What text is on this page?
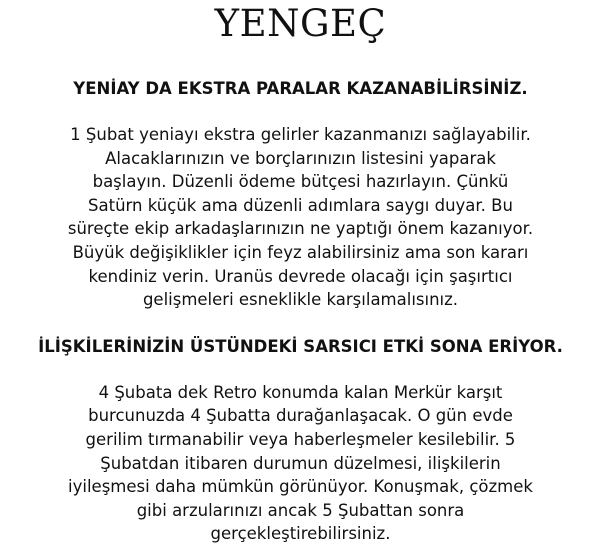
YENGEÇ
YENİAY DA EKSTRA PARALAR KAZANABİLİRSİNİZ.
1 Şubat yeniayı ekstra gelirler kazanmanızı sağlayabilir.
Alacaklarınızın ve borçlarınızın listesini yaparak
başlayın. Düzenli ödeme bütçesi hazırlayın. Çünkü
Satürn küçük ama düzenli adımlara saygı duyar. Bu
süreçte ekip arkadaşlarınızın ne yaptığı önem kazanıyor.
Büyük değişiklikler için feyz alabilirsiniz ama son kararı
kendiniz verin. Uranüs devrede olacağı için şaşırtıcı
gelişmeleri esneklikle karşılamalısınız.
İLİŞKİLERİNİZİN ÜSTÜNDEKİ SARSICI ETKİ SONA ERİYOR.
4 Şubata dek Retro konumda kalan Merkür karşıt
burcunuzda 4 Şubatta durağanlaşacak. O gün evde
gerilim tırmanabilir veya haberleşmeler kesilebilir. 5
Şubatdan itibaren durumun düzelmesi, ilişkilerin
iyileşmesi daha mümkün görünüyor. Konuşmak, çözmek
gibi arzularınızı ancak 5 Şubattan sonra
gerçekleştirebilirsiniz.
